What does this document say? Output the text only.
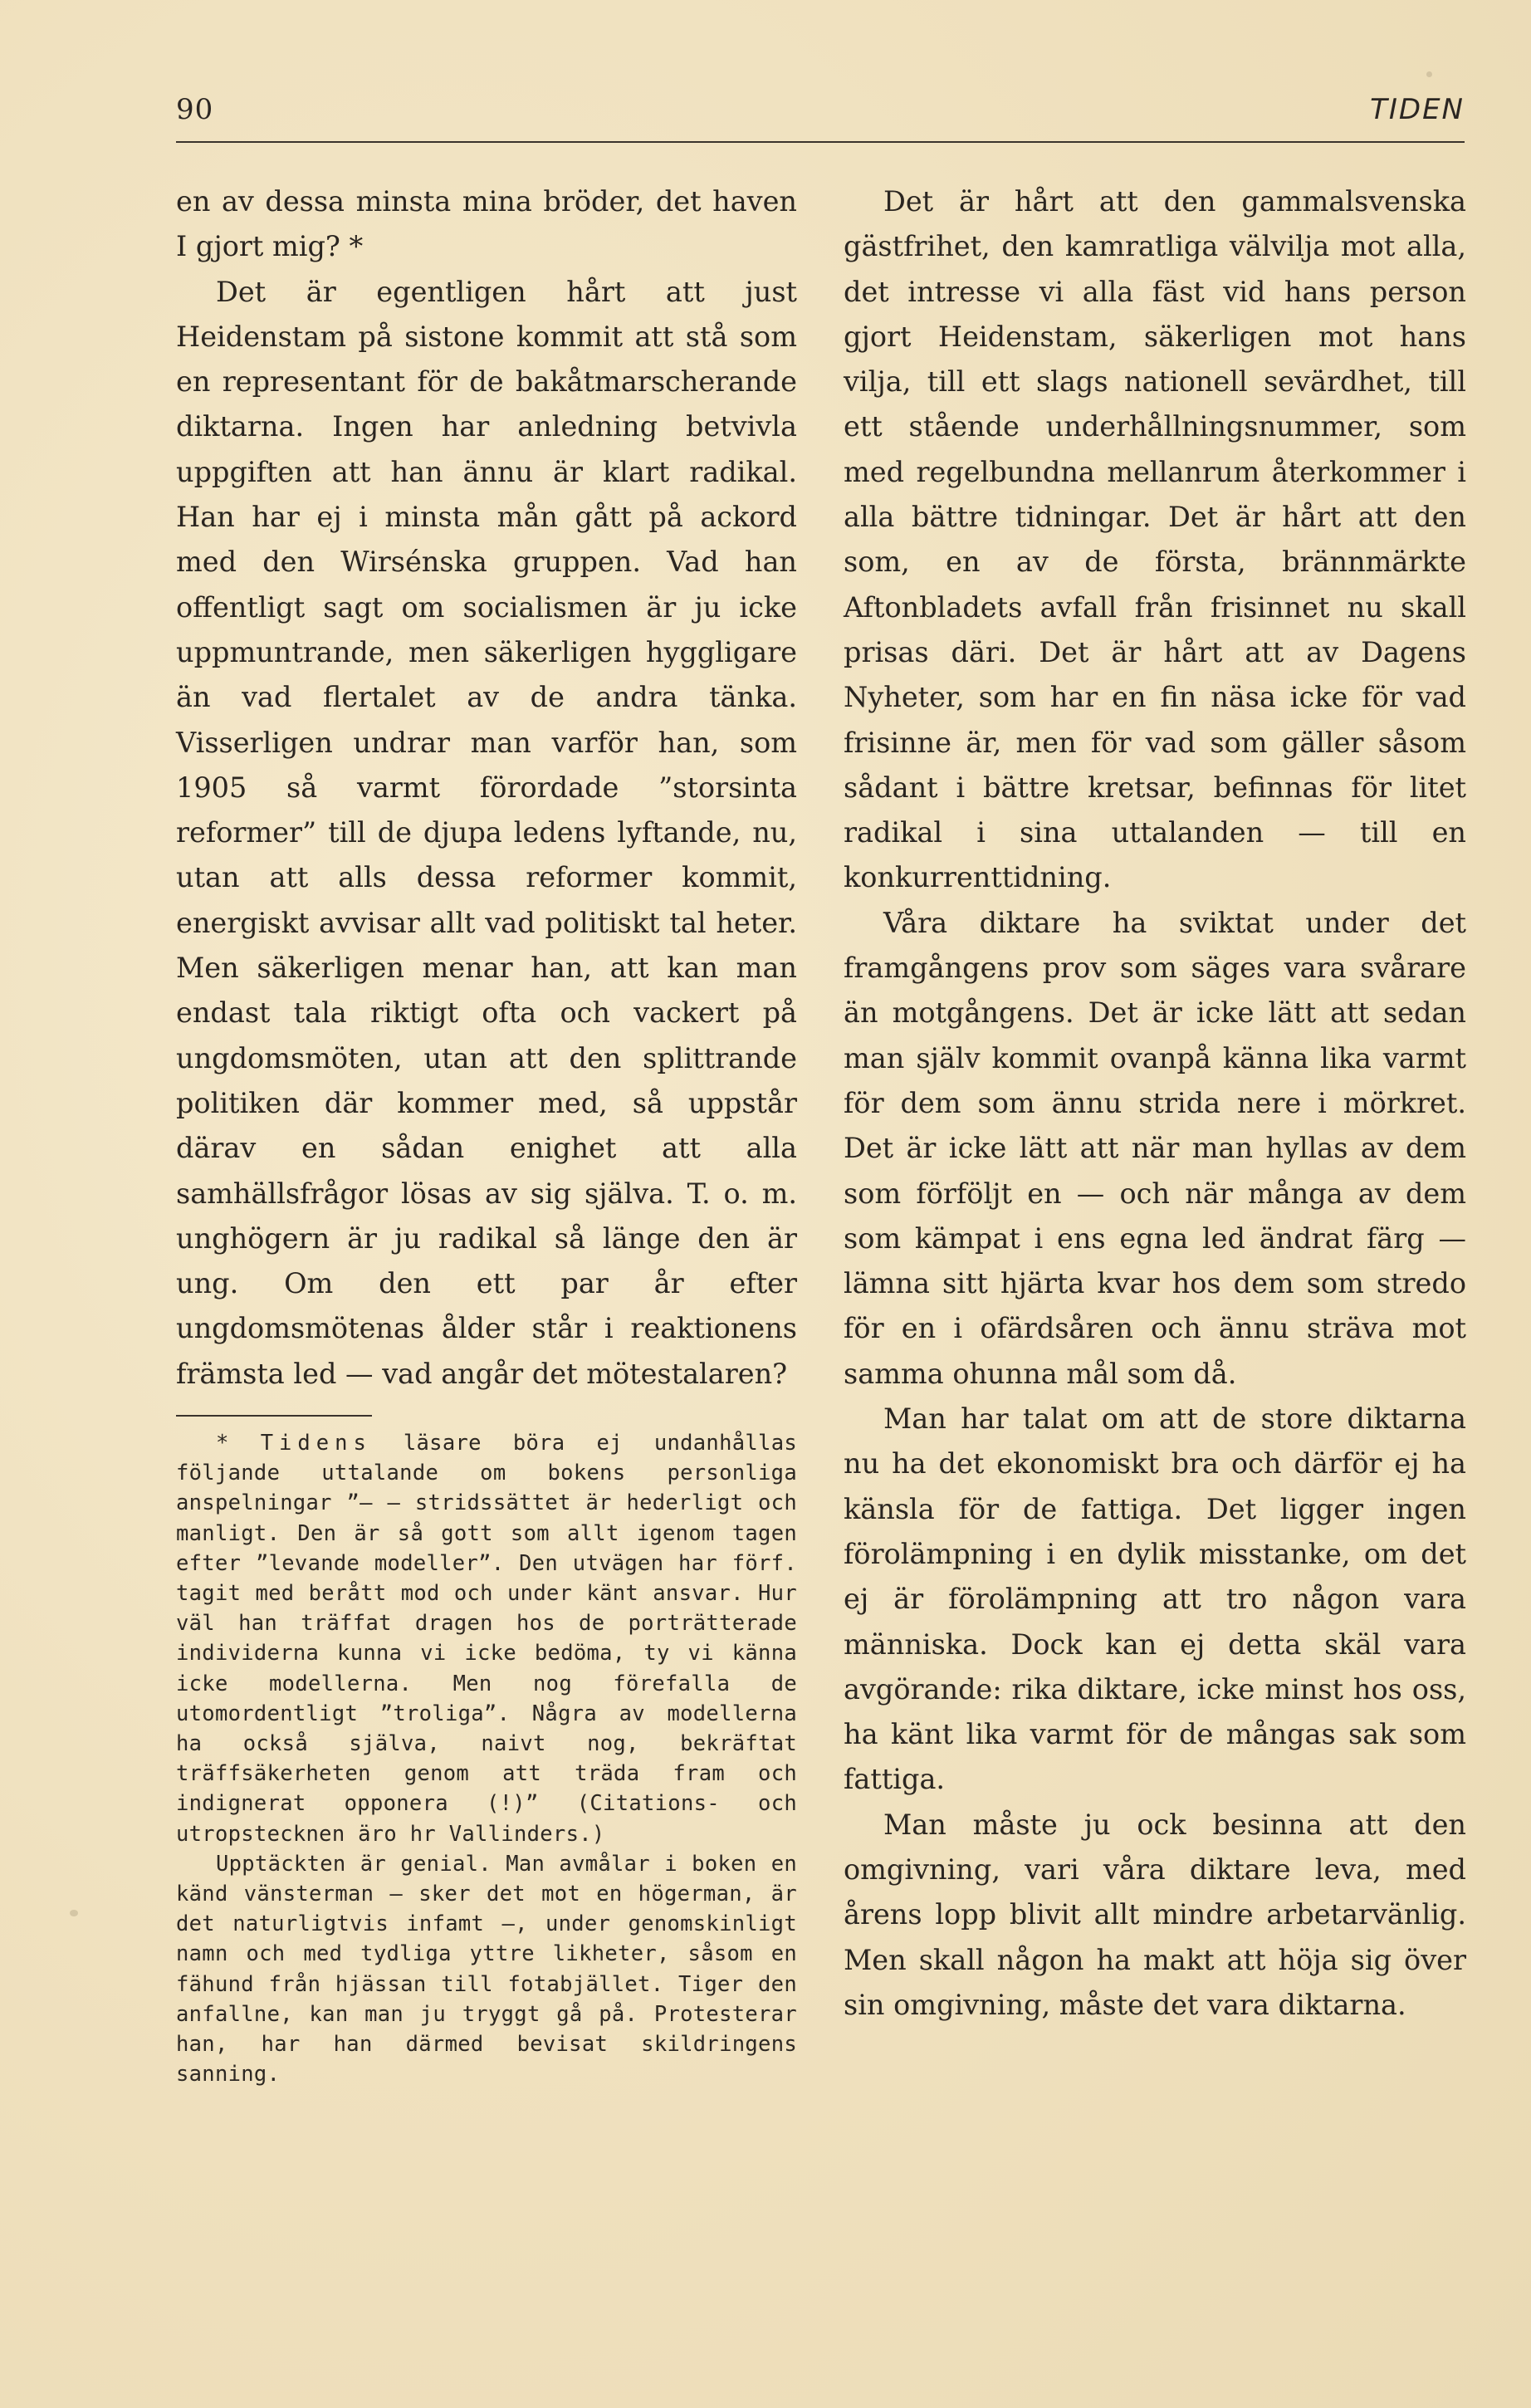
90	TIDEN

en av dessa minsta mina bröder, det haven I gjort mig? *

Det är egentligen hårt att just Heidenstam på sistone kommit att stå som en representant för de bakåtmarscherande diktarna. Ingen har anledning betvivla uppgiften att han ännu är klart radikal. Han har ej i minsta mån gått på ackord med den Wirsénska gruppen. Vad han offentligt sagt om socialismen är ju icke uppmuntrande, men säkerligen hyggligare än vad flertalet av de andra tänka. Visserligen undrar man varför han, som 1905 så varmt förordade ”storsinta reformer” till de djupa ledens lyftande, nu, utan att alls dessa reformer kommit, energiskt avvisar allt vad politiskt tal heter. Men säkerligen menar han, att kan man endast tala riktigt ofta och vackert på ungdomsmöten, utan att den splittrande politiken där kommer med, så uppstår därav en sådan enighet att alla samhällsfrågor lösas av sig själva. T. o. m. unghögern är ju radikal så länge den är ung. Om den ett par år efter ungdomsmötenas ålder står i reaktionens främsta led — vad angår det mötestalaren?

* Tidens läsare böra ej undanhållas följande uttalande om bokens personliga anspelningar ”— — stridssättet är hederligt och manligt. Den är så gott som allt igenom tagen efter ”levande modeller”. Den utvägen har förf. tagit med berått mod och under känt ansvar. Hur väl han träffat dragen hos de porträtterade individerna kunna vi icke bedöma, ty vi känna icke modellerna. Men nog förefalla de utomordentligt ”troliga”. Några av modellerna ha också själva, naivt nog, bekräftat träffsäkerheten genom att träda fram och indignerat opponera (!)” (Citations- och utropstecknen äro hr Vallinders.)

Upptäckten är genial. Man avmålar i boken en känd vänsterman — sker det mot en högerman, är det naturligtvis infamt —, under genomskinligt namn och med tydliga yttre likheter, såsom en fähund från hjässan till fotabjället. Tiger den anfallne, kan man ju tryggt gå på. Protesterar han, har han därmed bevisat skildringens sanning.

Det är hårt att den gammalsvenska gästfrihet, den kamratliga välvilja mot alla, det intresse vi alla fäst vid hans person gjort Heidenstam, säkerligen mot hans vilja, till ett slags nationell sevärdhet, till ett stående underhållningsnummer, som med regelbundna mellanrum återkommer i alla bättre tidningar. Det är hårt att den som, en av de första, brännmärkte Aftonbladets avfall från frisinnet nu skall prisas däri. Det är hårt att av Dagens Nyheter, som har en fin näsa icke för vad frisinne är, men för vad som gäller såsom sådant i bättre kretsar, befinnas för litet radikal i sina uttalanden — till en konkurrenttidning.

Våra diktare ha sviktat under det framgångens prov som säges vara svårare än motgångens. Det är icke lätt att sedan man själv kommit ovanpå känna lika varmt för dem som ännu strida nere i mörkret. Det är icke lätt att när man hyllas av dem som förföljt en — och när många av dem som kämpat i ens egna led ändrat färg — lämna sitt hjärta kvar hos dem som stredo för en i ofärdsåren och ännu sträva mot samma ohunna mål som då.

Man har talat om att de store diktarna nu ha det ekonomiskt bra och därför ej ha känsla för de fattiga. Det ligger ingen förolämpning i en dylik misstanke, om det ej är förolämpning att tro någon vara människa. Dock kan ej detta skäl vara avgörande: rika diktare, icke minst hos oss, ha känt lika varmt för de mångas sak som fattiga.

Man måste ju ock besinna att den omgivning, vari våra diktare leva, med årens lopp blivit allt mindre arbetarvänlig. Men skall någon ha makt att höja sig över sin omgivning, måste det vara diktarna.
